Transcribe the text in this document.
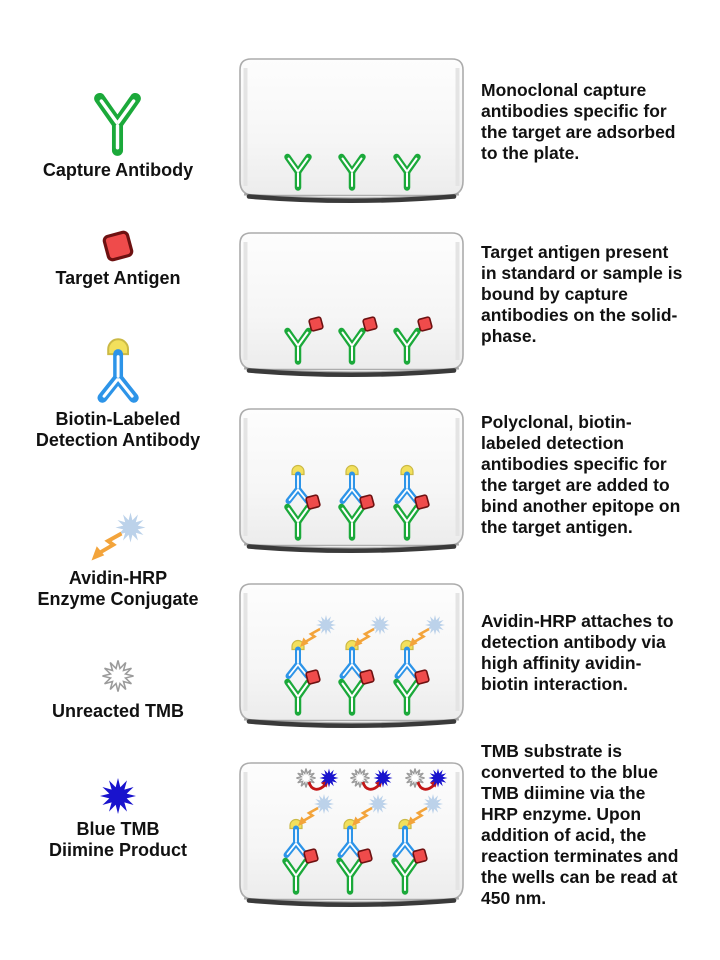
Capture Antibody
Target Antigen
Biotin-Labeled
Detection Antibody
Avidin-HRP
Enzyme Conjugate
Unreacted TMB
Blue TMB
Diimine Product
Monoclonal capture antibodies specific for the target are adsorbed to the plate.
Target antigen present in standard or sample is bound by capture antibodies on the solid-phase.
Polyclonal, biotin-labeled detection antibodies specific for the target are added to bind another epitope on the target antigen.
Avidin-HRP attaches to detection antibody via high affinity avidin-biotin interaction.
TMB substrate is converted to the blue TMB diimine via the HRP enzyme. Upon addition of acid, the reaction terminates and the wells can be read at 450 nm.
